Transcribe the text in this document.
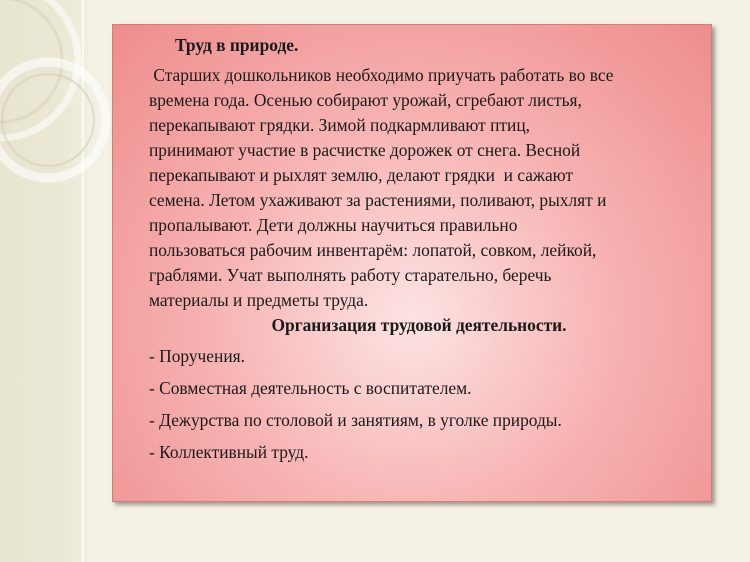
Труд в природе.

Старших дошкольников необходимо приучать работать во все
времена года. Осенью собирают урожай, сгребают листья,
перекапывают грядки. Зимой подкармливают птиц,
принимают участие в расчистке дорожек от снега. Весной
перекапывают и рыхлят землю, делают грядки  и сажают
семена. Летом ухаживают за растениями, поливают, рыхлят и
пропалывают. Дети должны научиться правильно
пользоваться рабочим инвентарём: лопатой, совком, лейкой,
граблями. Учат выполнять работу старательно, беречь
материалы и предметы труда.

Организация трудовой деятельности.

- Поручения.

- Совместная деятельность с воспитателем.

- Дежурства по столовой и занятиям, в уголке природы.

- Коллективный труд.
